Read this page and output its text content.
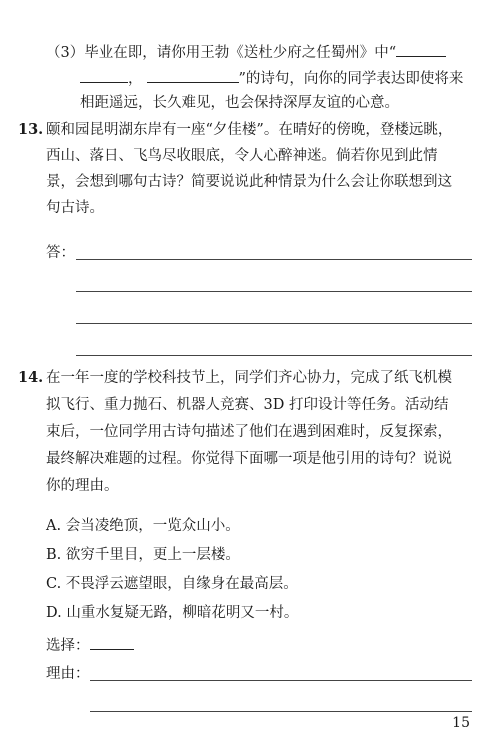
（3）毕业在即，请你用王勃《送杜少府之任蜀州》中“
，	”的诗句，向你的同学表达即使将来
相距遥远，长久难见，也会保持深厚友谊的心意。
13. 颐和园昆明湖东岸有一座“夕佳楼”。在晴好的傍晚，登楼远眺，
西山、落日、飞鸟尽收眼底，令人心醉神迷。倘若你见到此情
景，会想到哪句古诗？简要说说此种情景为什么会让你联想到这
句古诗。
答：
14. 在一年一度的学校科技节上，同学们齐心协力，完成了纸飞机模
拟飞行、重力抛石、机器人竞赛、3D 打印设计等任务。活动结
束后，一位同学用古诗句描述了他们在遇到困难时，反复探索，
最终解决难题的过程。你觉得下面哪一项是他引用的诗句？说说
你的理由。
A. 会当凌绝顶，一览众山小。
B. 欲穷千里目，更上一层楼。
C. 不畏浮云遮望眼，自缘身在最高层。
D. 山重水复疑无路，柳暗花明又一村。
选择：
理由：
15
